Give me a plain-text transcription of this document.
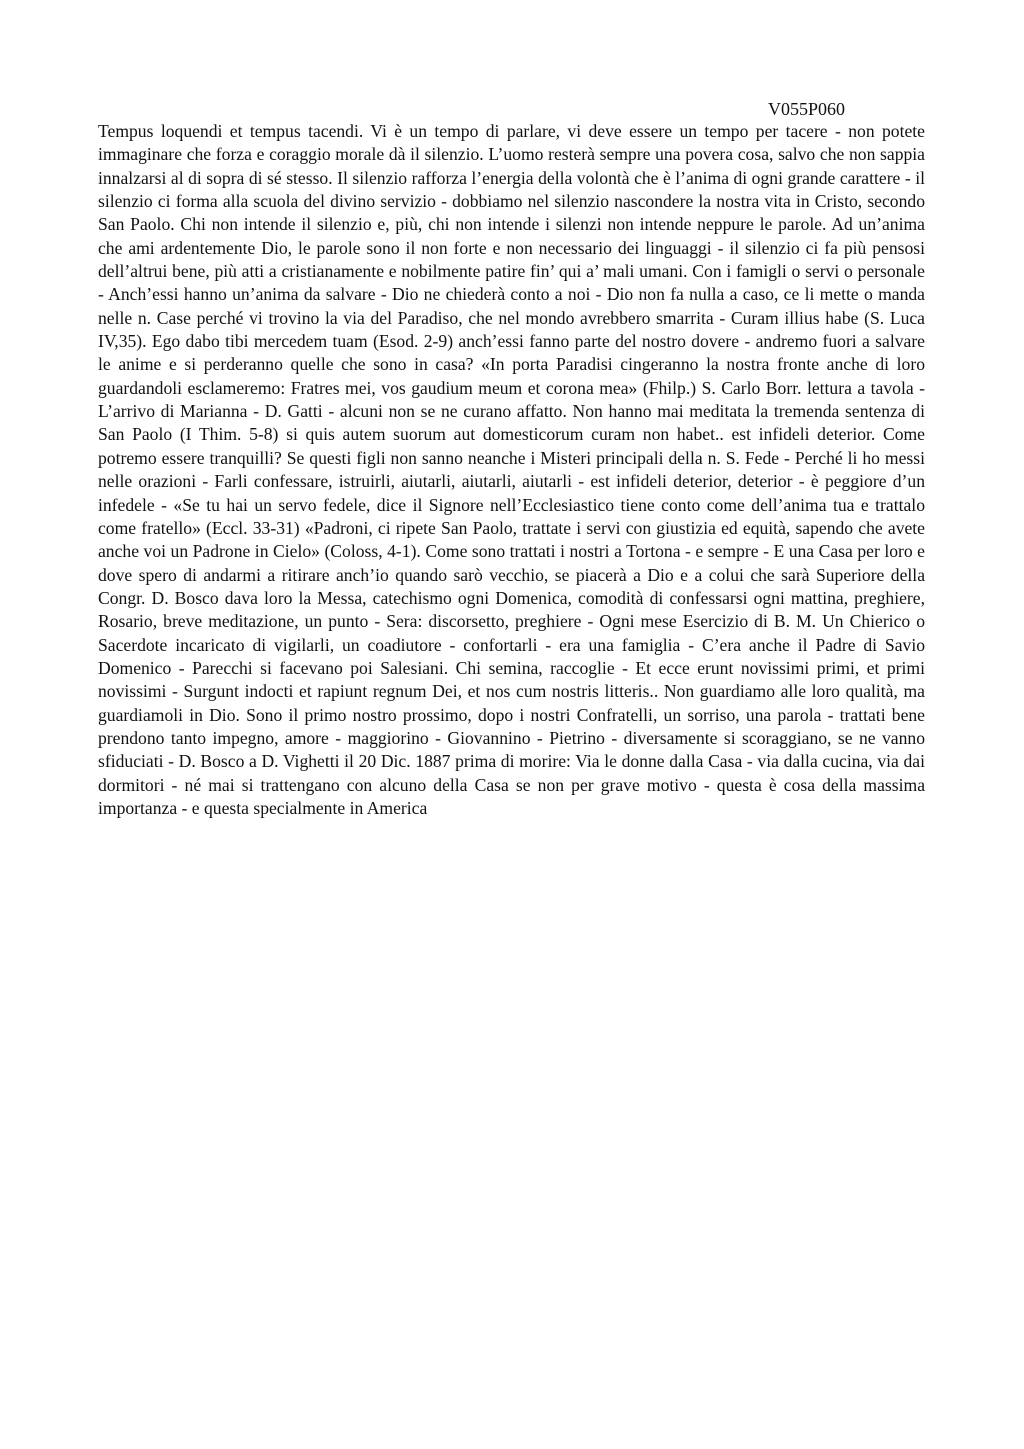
V055P060

Tempus loquendi et tempus tacendi. Vi è un tempo di parlare, vi deve essere un tempo per tacere - non potete immaginare che forza e coraggio morale dà il silenzio. L’uomo resterà sempre una povera cosa, salvo che non sappia innalzarsi al di sopra di sé stesso. Il silenzio rafforza l’energia della volontà che è l’anima di ogni grande carattere - il silenzio ci forma alla scuola del divino servizio - dobbiamo nel silenzio nascondere la nostra vita in Cristo, secondo San Paolo. Chi non intende il silenzio e, più, chi non intende i silenzi non intende neppure le parole. Ad un’anima che ami ardentemente Dio, le parole sono il non forte e non necessario dei linguaggi - il silenzio ci fa più pensosi dell’altrui bene, più atti a cristianamente e nobilmente patire fin’ qui a’ mali umani. Con i famigli o servi o personale - Anch’essi hanno un’anima da salvare - Dio ne chiederà conto a noi - Dio non fa nulla a caso, ce li mette o manda nelle n. Case perché vi trovino la via del Paradiso, che nel mondo avrebbero smarrita - Curam illius habe (S. Luca IV,35). Ego dabo tibi mercedem tuam (Esod. 2-9) anch’essi fanno parte del nostro dovere - andremo fuori a salvare le anime e si perderanno quelle che sono in casa? «In porta Paradisi cingeranno la nostra fronte anche di loro guardandoli esclameremo: Fratres mei, vos gaudium meum et corona mea» (Fhilp.) S. Carlo Borr. lettura a tavola - L’arrivo di Marianna - D. Gatti - alcuni non se ne curano affatto. Non hanno mai meditata la tremenda sentenza di San Paolo (I Thim. 5-8) si quis autem suorum aut domesticorum curam non habet.. est infideli deterior. Come potremo essere tranquilli? Se questi figli non sanno neanche i Misteri principali della n. S. Fede - Perché li ho messi nelle orazioni - Farli confessare, istruirli, aiutarli, aiutarli, aiutarli - est infideli deterior, deterior - è peggiore d’un infedele - «Se tu hai un servo fedele, dice il Signore nell’Ecclesiastico tiene conto come dell’anima tua e trattalo come fratello» (Eccl. 33-31) «Padroni, ci ripete San Paolo, trattate i servi con giustizia ed equità, sapendo che avete anche voi un Padrone in Cielo» (Coloss, 4-1). Come sono trattati i nostri a Tortona - e sempre - E una Casa per loro e dove spero di andarmi a ritirare anch’io quando sarò vecchio, se piacerà a Dio e a colui che sarà Superiore della Congr. D. Bosco dava loro la Messa, catechismo ogni Domenica, comodità di confessarsi ogni mattina, preghiere, Rosario, breve meditazione, un punto - Sera: discorsetto, preghiere - Ogni mese Esercizio di B. M. Un Chierico o Sacerdote incaricato di vigilarli, un coadiutore - confortarli - era una famiglia - C’era anche il Padre di Savio Domenico - Parecchi si facevano poi Salesiani. Chi semina, raccoglie - Et ecce erunt novissimi primi, et primi novissimi - Surgunt indocti et rapiunt regnum Dei, et nos cum nostris litteris.. Non guardiamo alle loro qualità, ma guardiamoli in Dio. Sono il primo nostro prossimo, dopo i nostri Confratelli, un sorriso, una parola - trattati bene prendono tanto impegno, amore - maggiorino - Giovannino - Pietrino - diversamente si scoraggiano, se ne vanno sfiduciati - D. Bosco a D. Vighetti il 20 Dic. 1887 prima di morire: Via le donne dalla Casa - via dalla cucina, via dai dormitori - né mai si trattengano con alcuno della Casa se non per grave motivo - questa è cosa della massima importanza - e questa specialmente in America
